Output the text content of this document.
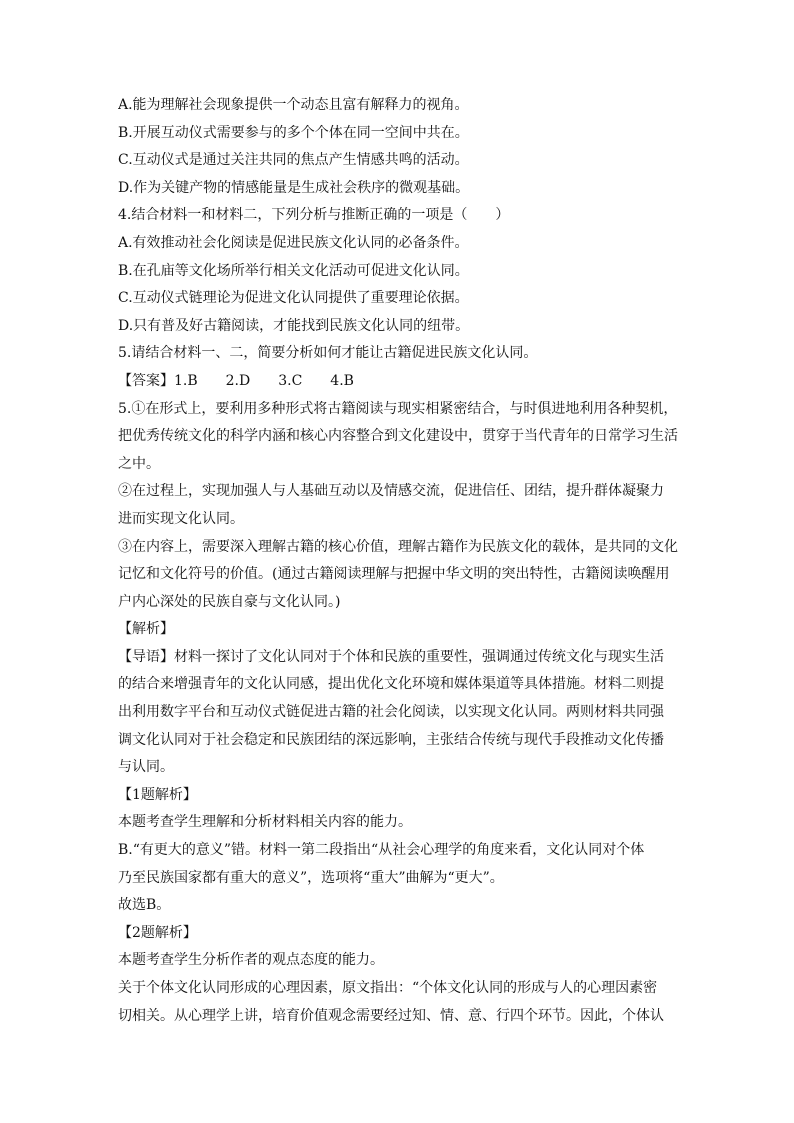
A.能为理解社会现象提供一个动态且富有解释力的视角。

B.开展互动仪式需要参与的多个个体在同一空间中共在。

C.互动仪式是通过关注共同的焦点产生情感共鸣的活动。

D.作为关键产物的情感能量是生成社会秩序的微观基础。

4.结合材料一和材料二，下列分析与推断正确的一项是（　　）

A.有效推动社会化阅读是促进民族文化认同的必备条件。

B.在孔庙等文化场所举行相关文化活动可促进文化认同。

C.互动仪式链理论为促进文化认同提供了重要理论依据。

D.只有普及好古籍阅读，才能找到民族文化认同的纽带。

5.请结合材料一、二，简要分析如何才能让古籍促进民族文化认同。

【答案】1.B　　2.D　　3.C　　4.B

5.①在形式上，要利用多种形式将古籍阅读与现实相紧密结合，与时俱进地利用各种契机，

把优秀传统文化的科学内涵和核心内容整合到文化建设中，贯穿于当代青年的日常学习生活

之中。

②在过程上，实现加强人与人基础互动以及情感交流，促进信任、团结，提升群体凝聚力

进而实现文化认同。

③在内容上，需要深入理解古籍的核心价值，理解古籍作为民族文化的载体，是共同的文化

记忆和文化符号的价值。(通过古籍阅读理解与把握中华文明的突出特性，古籍阅读唤醒用

户内心深处的民族自豪与文化认同。)

【解析】

【导语】材料一探讨了文化认同对于个体和民族的重要性，强调通过传统文化与现实生活

的结合来增强青年的文化认同感，提出优化文化环境和媒体渠道等具体措施。材料二则提

出利用数字平台和互动仪式链促进古籍的社会化阅读，以实现文化认同。两则材料共同强

调文化认同对于社会稳定和民族团结的深远影响，主张结合传统与现代手段推动文化传播

与认同。

【1题解析】

本题考查学生理解和分析材料相关内容的能力。

B.“有更大的意义”错。材料一第二段指出“从社会心理学的角度来看，文化认同对个体

乃至民族国家都有重大的意义”，选项将“重大”曲解为“更大”。

故选B。

【2题解析】

本题考查学生分析作者的观点态度的能力。

关于个体文化认同形成的心理因素，原文指出：“个体文化认同的形成与人的心理因素密

切相关。从心理学上讲，培育价值观念需要经过知、情、意、行四个环节。因此，个体认
